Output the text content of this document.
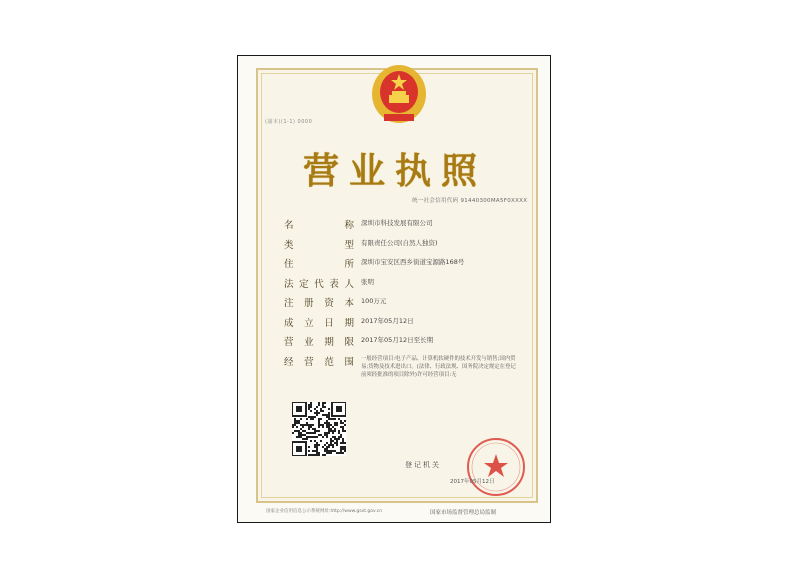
(副本)(1-1) 0000
营业执照
统一社会信用代码 91440300MA5F0XXXX
名	称 深圳市科技发展有限公司
类	型 有限责任公司(自然人独资)
住	所 深圳市宝安区西乡街道宝源路168号
法 定 代 表 人 张明
注 册 资 本 100万元
成 立 日 期 2017年05月12日
营 业 期 限 2017年05月12日至长期
经 营 范 围 一般经营项目:电子产品、计算机软硬件的技术开发与销售;国内贸易;货物及技术进出口。(法律、行政法规、国务院决定规定在登记前须经批准的项目除外)许可经营项目:无
登记机关
2017年05月12日
国家企业信用信息公示系统网址:http://www.gsxt.gov.cn	国家市场监督管理总局监制
